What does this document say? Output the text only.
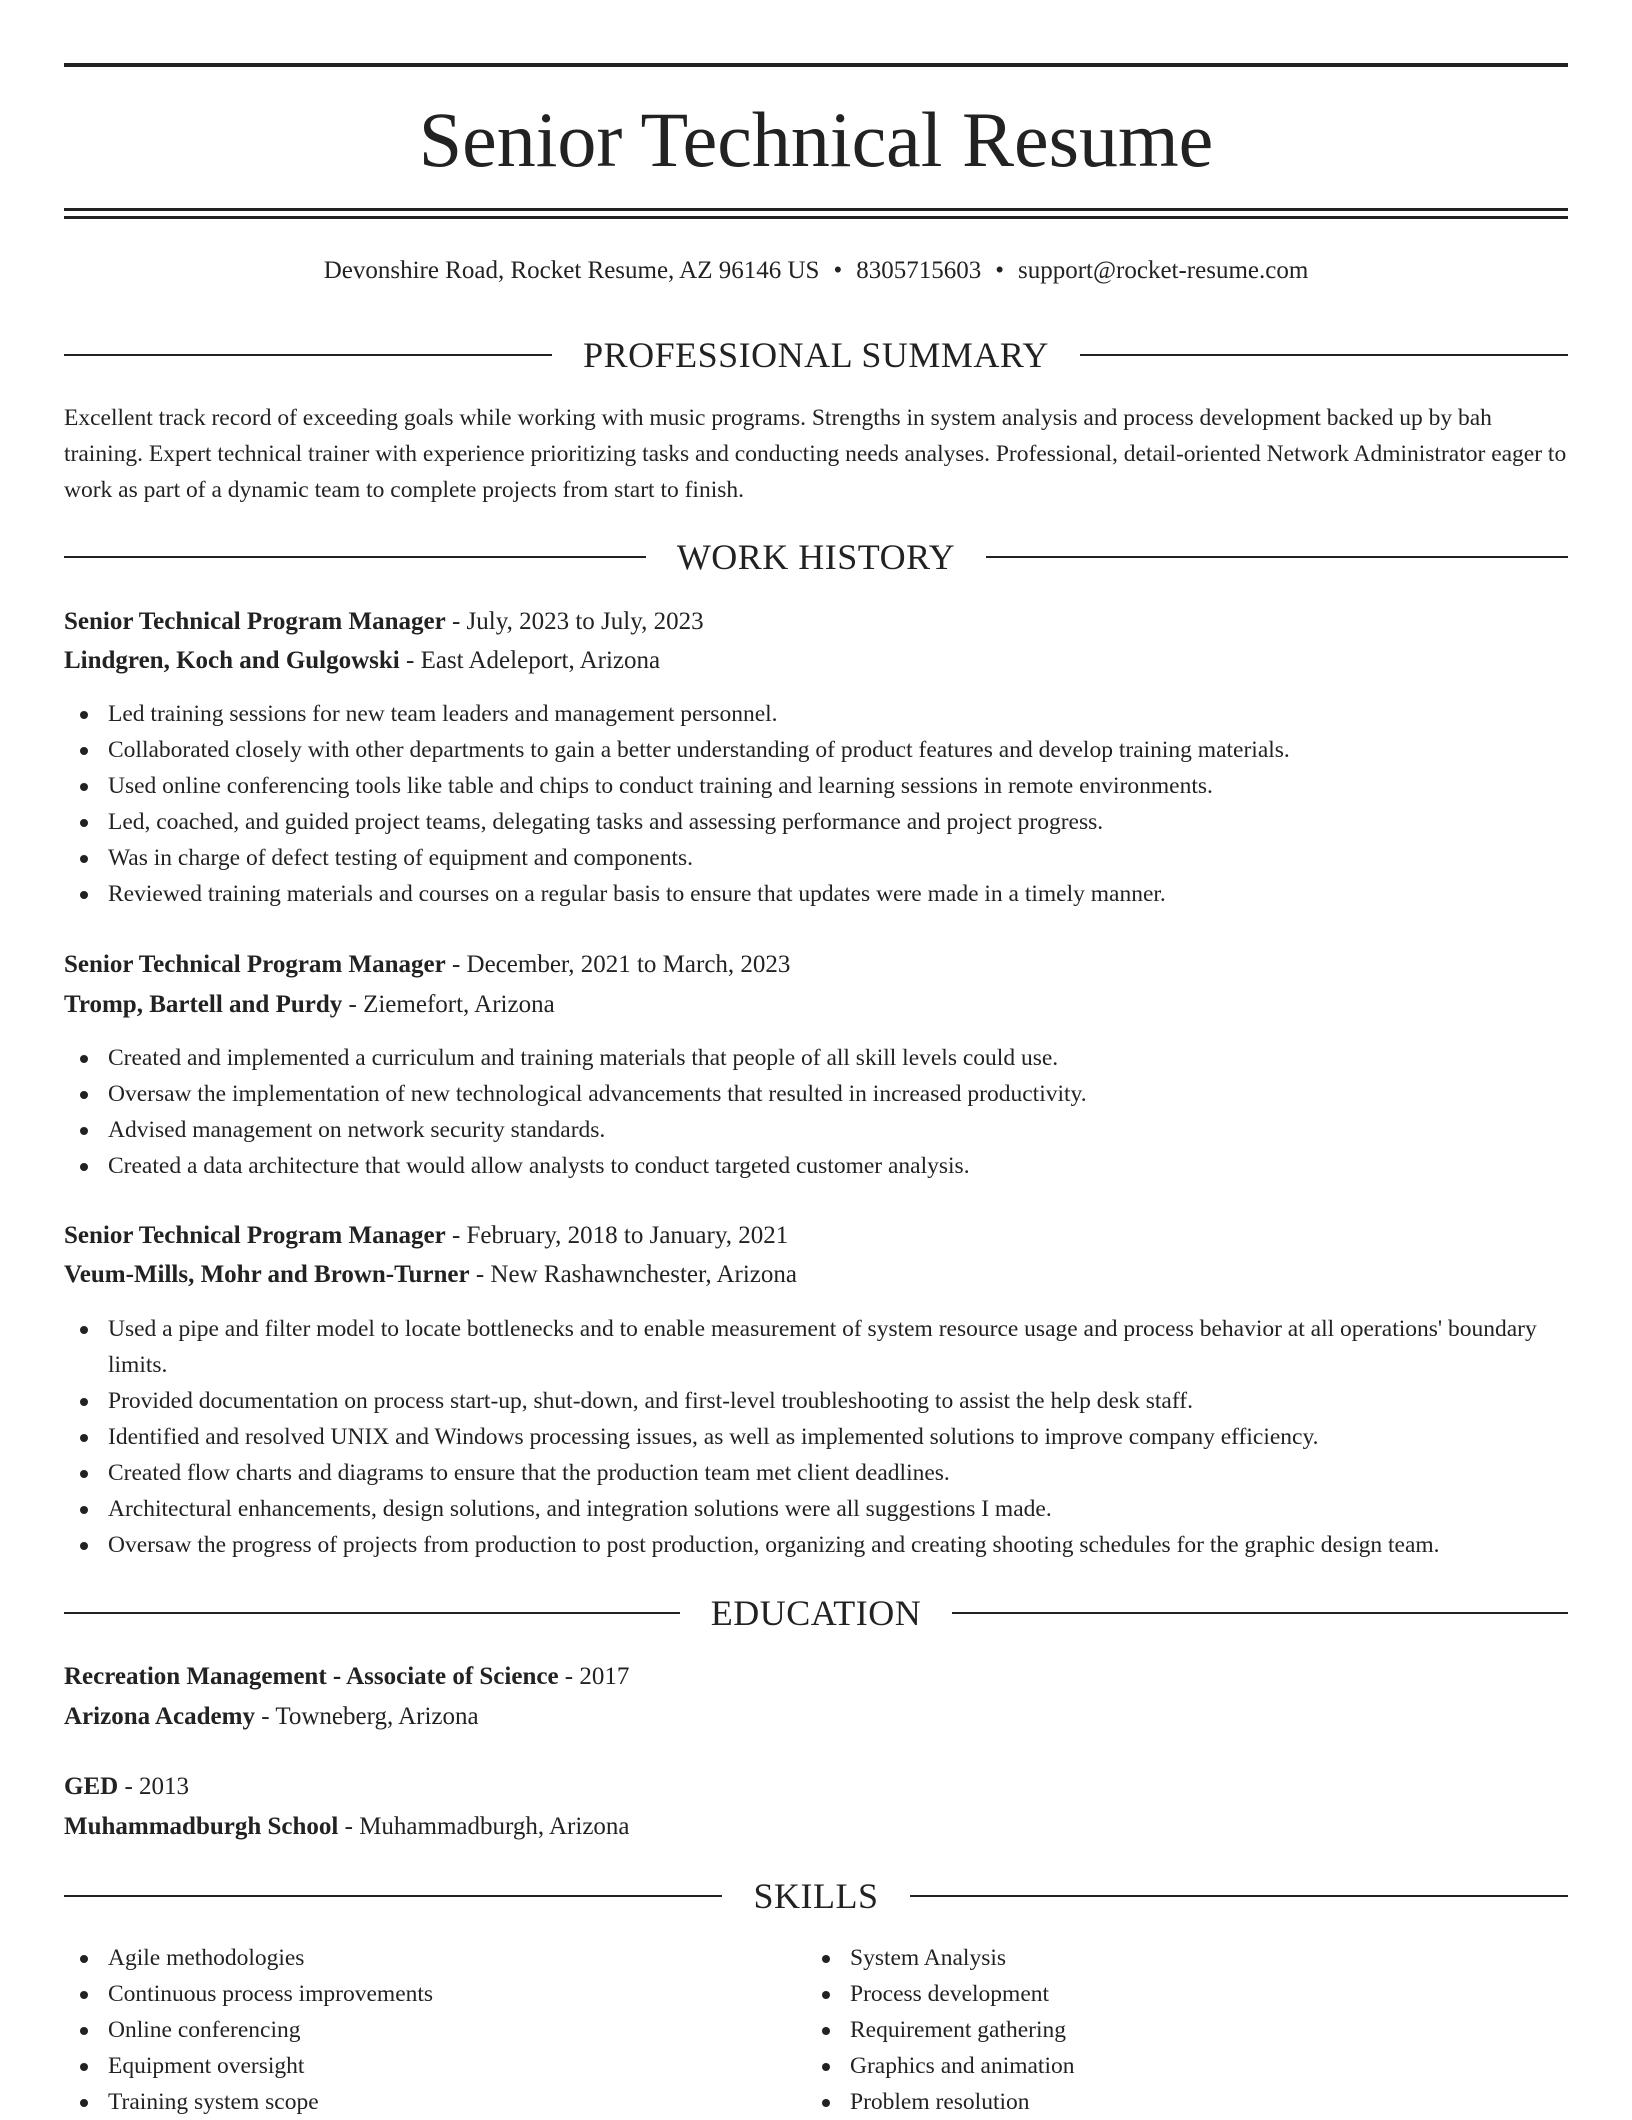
Senior Technical Resume
Devonshire Road, Rocket Resume, AZ 96146 US • 8305715603 • support@rocket-resume.com
PROFESSIONAL SUMMARY

Excellent track record of exceeding goals while working with music programs. Strengths in system analysis and process development backed up by bah training. Expert technical trainer with experience prioritizing tasks and conducting needs analyses. Professional, detail-oriented Network Administrator eager to work as part of a dynamic team to complete projects from start to finish.

WORK HISTORY
Senior Technical Program Manager - July, 2023 to July, 2023
Lindgren, Koch and Gulgowski - East Adeleport, Arizona
Led training sessions for new team leaders and management personnel.
Collaborated closely with other departments to gain a better understanding of product features and develop training materials.
Used online conferencing tools like table and chips to conduct training and learning sessions in remote environments.
Led, coached, and guided project teams, delegating tasks and assessing performance and project progress.
Was in charge of defect testing of equipment and components.
Reviewed training materials and courses on a regular basis to ensure that updates were made in a timely manner.
Senior Technical Program Manager - December, 2021 to March, 2023
Tromp, Bartell and Purdy - Ziemefort, Arizona
Created and implemented a curriculum and training materials that people of all skill levels could use.
Oversaw the implementation of new technological advancements that resulted in increased productivity.
Advised management on network security standards.
Created a data architecture that would allow analysts to conduct targeted customer analysis.
Senior Technical Program Manager - February, 2018 to January, 2021
Veum-Mills, Mohr and Brown-Turner - New Rashawnchester, Arizona
Used a pipe and filter model to locate bottlenecks and to enable measurement of system resource usage and process behavior at all operations' boundary limits.
Provided documentation on process start-up, shut-down, and first-level troubleshooting to assist the help desk staff.
Identified and resolved UNIX and Windows processing issues, as well as implemented solutions to improve company efficiency.
Created flow charts and diagrams to ensure that the production team met client deadlines.
Architectural enhancements, design solutions, and integration solutions were all suggestions I made.
Oversaw the progress of projects from production to post production, organizing and creating shooting schedules for the graphic design team.
EDUCATION
Recreation Management - Associate of Science - 2017
Arizona Academy - Towneberg, Arizona
GED - 2013
Muhammadburgh School - Muhammadburgh, Arizona
SKILLS
Agile methodologies
Continuous process improvements
Online conferencing
Equipment oversight
Training system scope
System Analysis
Process development
Requirement gathering
Graphics and animation
Problem resolution
